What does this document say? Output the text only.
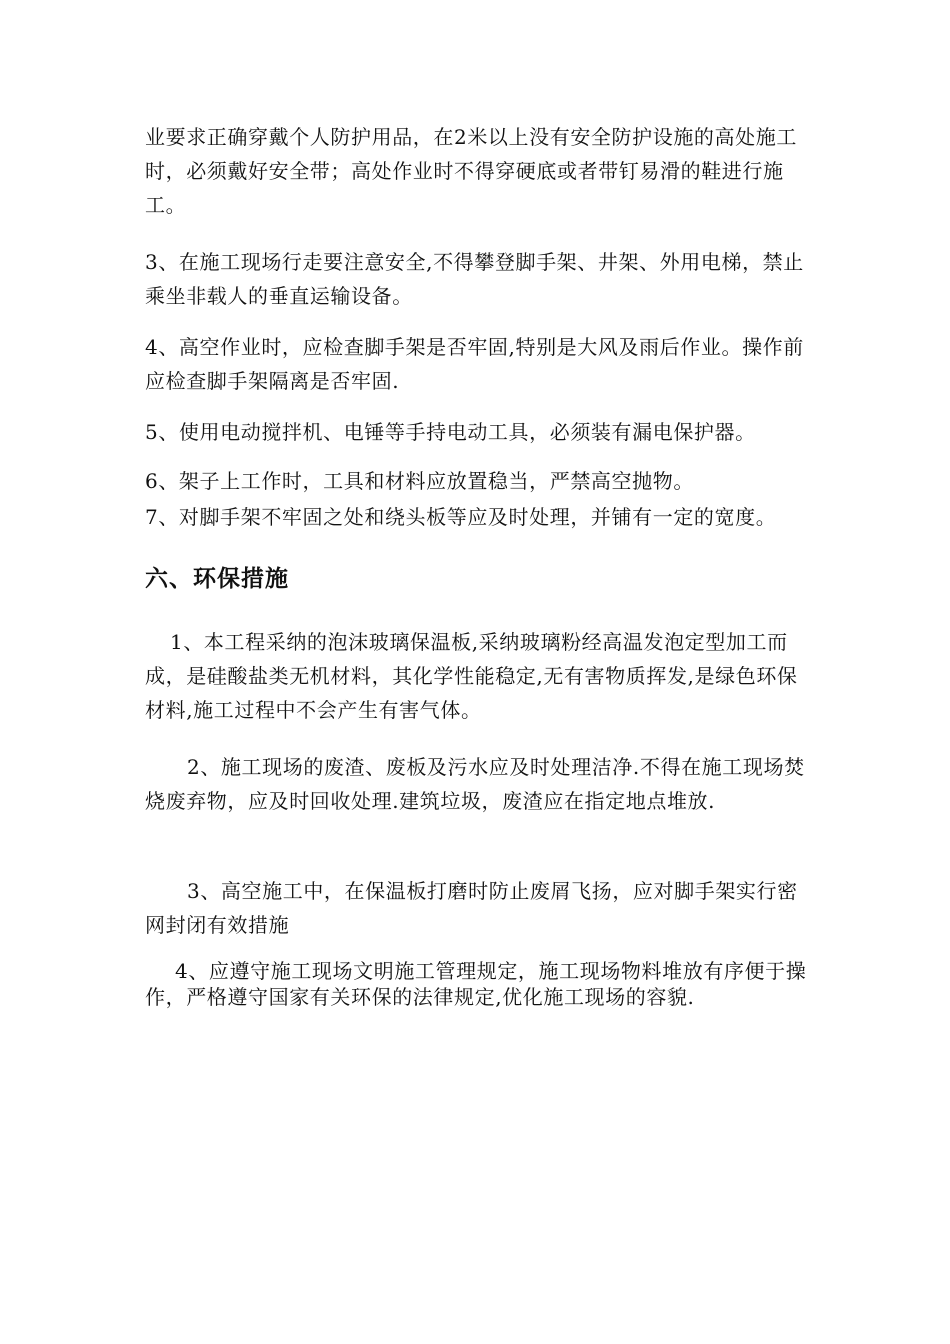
业要求正确穿戴个人防护用品，在2米以上没有安全防护设施的高处施工时，必须戴好安全带；高处作业时不得穿硬底或者带钉易滑的鞋进行施工。
3、在施工现场行走要注意安全,不得攀登脚手架、井架、外用电梯，禁止乘坐非载人的垂直运输设备。
4、高空作业时，应检查脚手架是否牢固,特别是大风及雨后作业。操作前应检查脚手架隔离是否牢固.
5、使用电动搅拌机、电锤等手持电动工具，必须装有漏电保护器。
6、架子上工作时，工具和材料应放置稳当，严禁高空抛物。
7、对脚手架不牢固之处和绕头板等应及时处理，并铺有一定的宽度。
六、环保措施
1、本工程采纳的泡沫玻璃保温板,采纳玻璃粉经高温发泡定型加工而成，是硅酸盐类无机材料，其化学性能稳定,无有害物质挥发,是绿色环保材料,施工过程中不会产生有害气体。
2、施工现场的废渣、废板及污水应及时处理洁净.不得在施工现场焚烧废弃物，应及时回收处理.建筑垃圾，废渣应在指定地点堆放.
3、高空施工中，在保温板打磨时防止废屑飞扬，应对脚手架实行密网封闭有效措施
4、应遵守施工现场文明施工管理规定，施工现场物料堆放有序便于操作，严格遵守国家有关环保的法律规定,优化施工现场的容貌.
